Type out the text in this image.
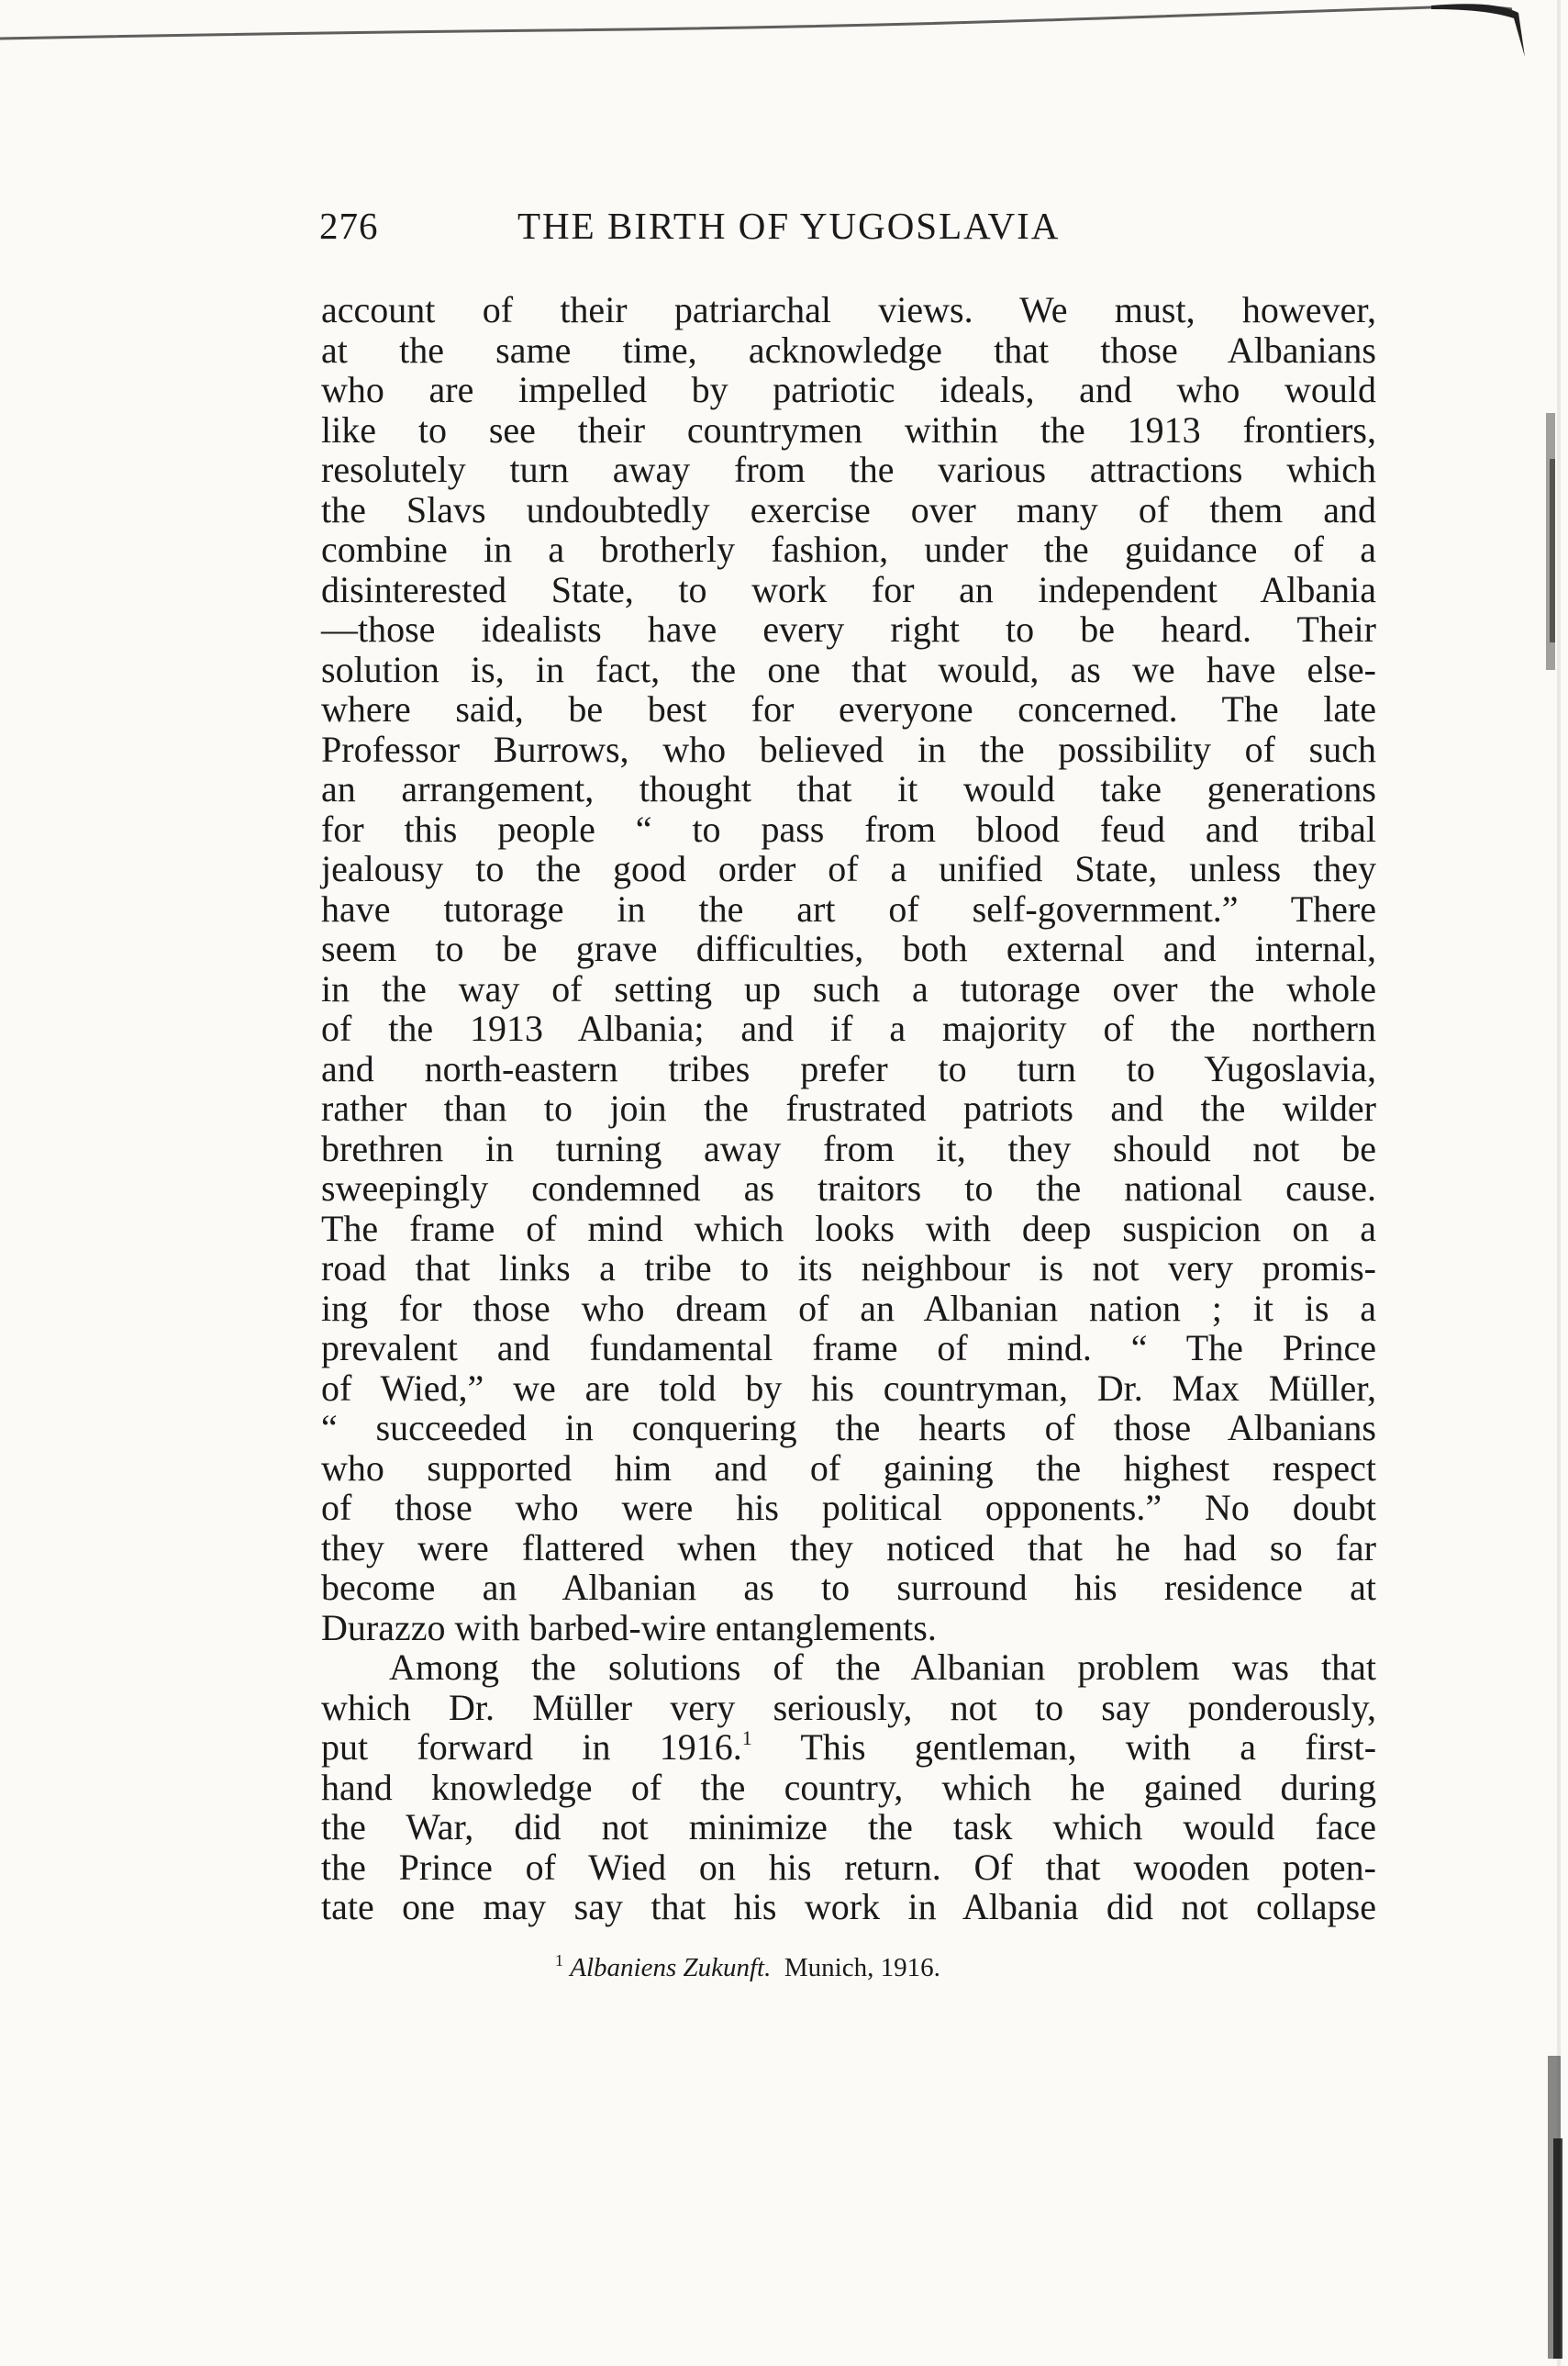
276	THE BIRTH OF YUGOSLAVIA
account of their patriarchal views. We must, however,
at the same time, acknowledge that those Albanians
who are impelled by patriotic ideals, and who would
like to see their countrymen within the 1913 frontiers,
resolutely turn away from the various attractions which
the Slavs undoubtedly exercise over many of them and
combine in a brotherly fashion, under the guidance of a
disinterested State, to work for an independent Albania
—those idealists have every right to be heard. Their
solution is, in fact, the one that would, as we have else-
where said, be best for everyone concerned. The late
Professor Burrows, who believed in the possibility of such
an arrangement, thought that it would take generations
for this people “ to pass from blood feud and tribal
jealousy to the good order of a unified State, unless they
have tutorage in the art of self-government.” There
seem to be grave difficulties, both external and internal,
in the way of setting up such a tutorage over the whole
of the 1913 Albania; and if a majority of the northern
and north-eastern tribes prefer to turn to Yugoslavia,
rather than to join the frustrated patriots and the wilder
brethren in turning away from it, they should not be
sweepingly condemned as traitors to the national cause.
The frame of mind which looks with deep suspicion on a
road that links a tribe to its neighbour is not very promis-
ing for those who dream of an Albanian nation ; it is a
prevalent and fundamental frame of mind. “ The Prince
of Wied,” we are told by his countryman, Dr. Max Müller,
“ succeeded in conquering the hearts of those Albanians
who supported him and of gaining the highest respect
of those who were his political opponents.” No doubt
they were flattered when they noticed that he had so far
become an Albanian as to surround his residence at
Durazzo with barbed-wire entanglements.
Among the solutions of the Albanian problem was that
which Dr. Müller very seriously, not to say ponderously,
put forward in 1916.$^1$ This gentleman, with a first-
hand knowledge of the country, which he gained during
the War, did not minimize the task which would face
the Prince of Wied on his return. Of that wooden poten-
tate one may say that his work in Albania did not collapse
$^1$ Albaniens Zukunft. Munich, 1916.
